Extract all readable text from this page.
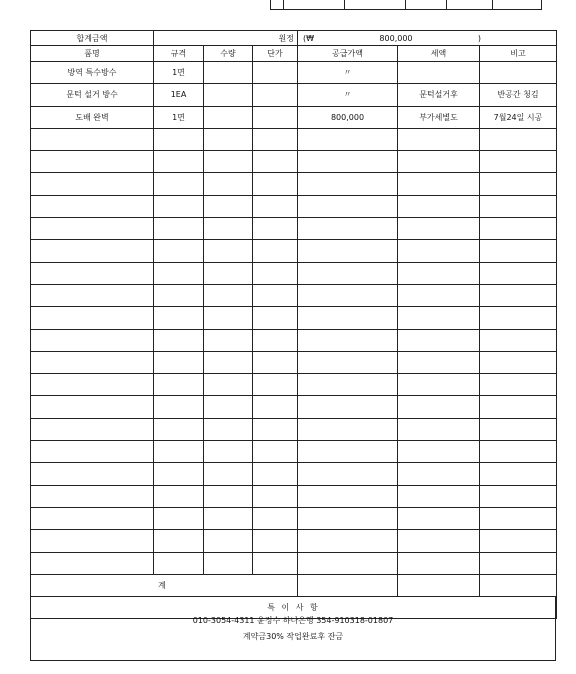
합계금액	원정			(₩ 800,000 )		

품명	규격	수량	단가	공급가액	세액	비고
방역 특수방수	1면			〃		
문턱 설거 방수	1EA			〃	문턱설거후	반공간 청김
도배 완벽	1면			800,000	부가세별도	7월24일 시공

계						
특 이 사 항						
010-3054-4311 윤정수 하나은행 354-910318-01807
계약금30% 작업완료후 잔금
